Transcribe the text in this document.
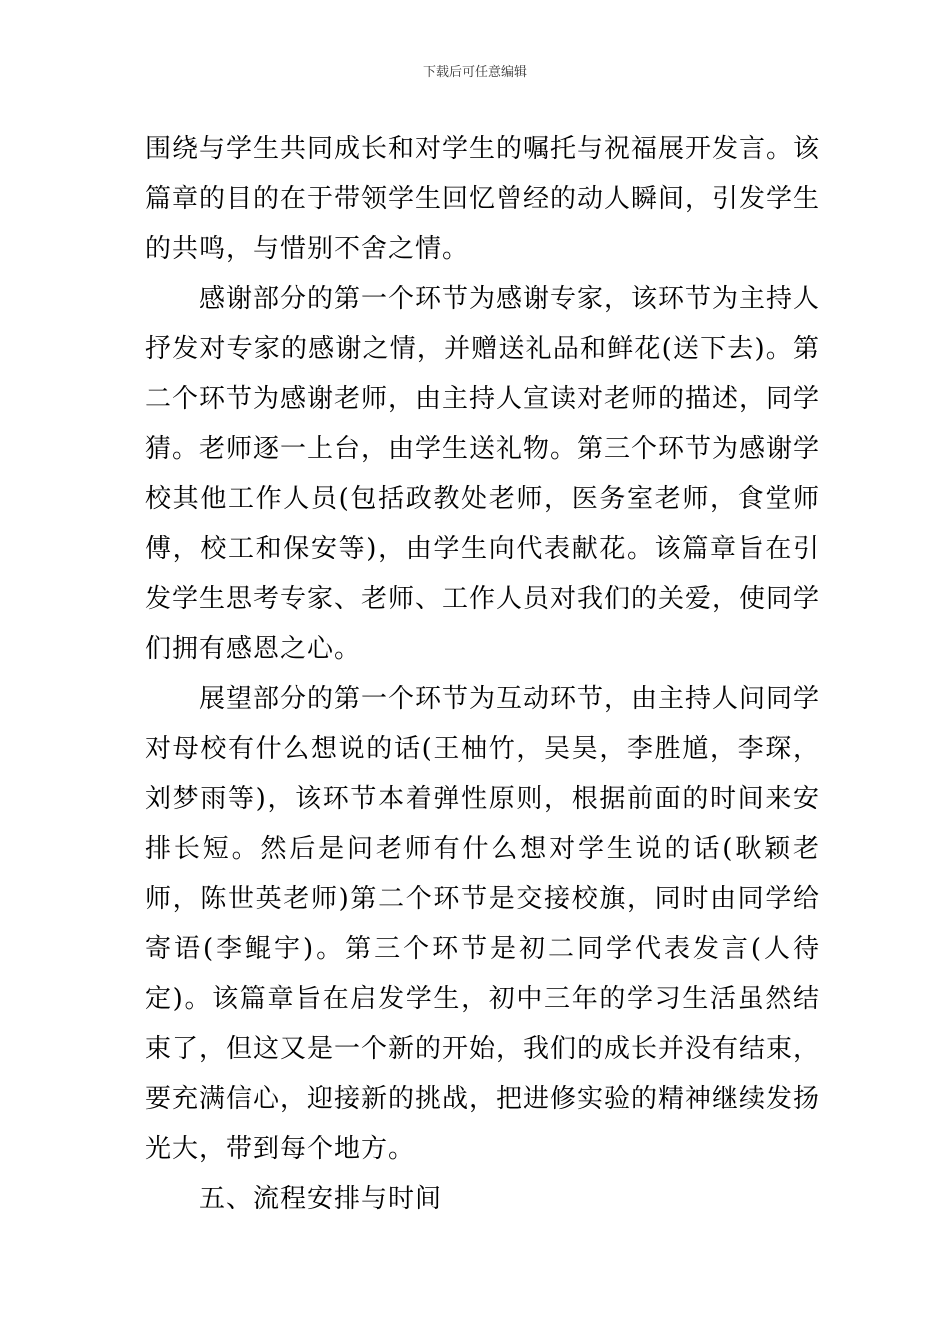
下载后可任意编辑

围绕与学生共同成长和对学生的嘱托与祝福展开发言。该篇章的目的在于带领学生回忆曾经的动人瞬间，引发学生的共鸣，与惜别不舍之情。

感谢部分的第一个环节为感谢专家，该环节为主持人抒发对专家的感谢之情，并赠送礼品和鲜花(送下去)。第二个环节为感谢老师，由主持人宣读对老师的描述，同学猜。老师逐一上台，由学生送礼物。第三个环节为感谢学校其他工作人员(包括政教处老师，医务室老师，食堂师傅，校工和保安等)，由学生向代表献花。该篇章旨在引发学生思考专家、老师、工作人员对我们的关爱，使同学们拥有感恩之心。

展望部分的第一个环节为互动环节，由主持人问同学对母校有什么想说的话(王柚竹，吴昊，李胜馗，李琛，刘梦雨等)，该环节本着弹性原则，根据前面的时间来安排长短。然后是问老师有什么想对学生说的话(耿颖老师，陈世英老师)第二个环节是交接校旗，同时由同学给寄语(李鲲宇)。第三个环节是初二同学代表发言(人待定)。该篇章旨在启发学生，初中三年的学习生活虽然结束了，但这又是一个新的开始，我们的成长并没有结束，要充满信心，迎接新的挑战，把进修实验的精神继续发扬光大，带到每个地方。

五、流程安排与时间
